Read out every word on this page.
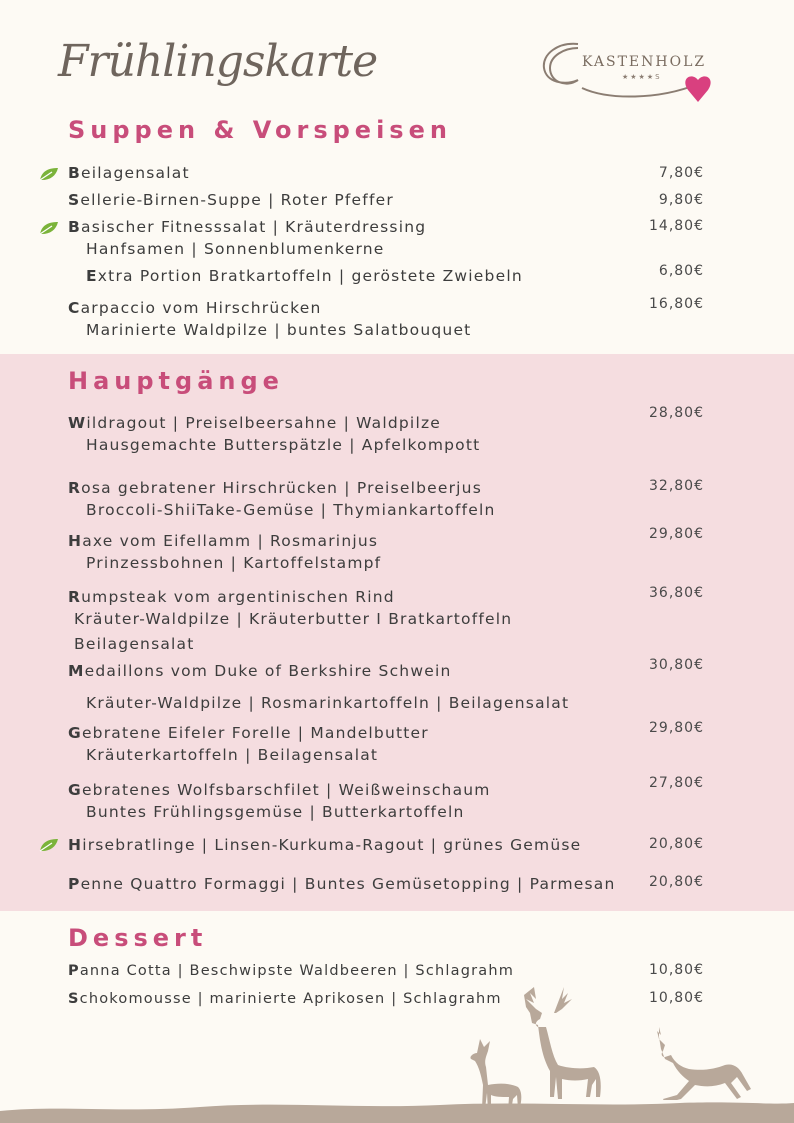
Frühlingskarte	KASTENHOLZ
★★★★S
Suppen & Vorspeisen
Beilagensalat	7,80€
Sellerie-Birnen-Suppe | Roter Pfeffer	9,80€
Basischer Fitnesssalat | Kräuterdressing
Hanfsamen | Sonnenblumenkerne
14,80€
Extra Portion Bratkartoffeln | geröstete Zwiebeln	6,80€
Carpaccio vom Hirschrücken
Marinierte Waldpilze | buntes Salatbouquet
16,80€
Hauptgänge
Wildragout | Preiselbeersahne | Waldpilze
Hausgemachte Butterspätzle | Apfelkompott
28,80€
Rosa gebratener Hirschrücken | Preiselbeerjus
Broccoli-ShiiTake-Gemüse | Thymiankartoffeln
32,80€
Haxe vom Eifellamm | Rosmarinjus
Prinzessbohnen | Kartoffelstampf
29,80€
Rumpsteak vom argentinischen Rind
Kräuter-Waldpilze | Kräuterbutter I Bratkartoffeln
Beilagensalat
36,80€
Medaillons vom Duke of Berkshire Schwein
Kräuter-Waldpilze | Rosmarinkartoffeln | Beilagensalat
30,80€
Gebratene Eifeler Forelle | Mandelbutter
Kräuterkartoffeln | Beilagensalat
29,80€
Gebratenes Wolfsbarschfilet | Weißweinschaum
Buntes Frühlingsgemüse | Butterkartoffeln
27,80€
Hirsebratlinge | Linsen-Kurkuma-Ragout | grünes Gemüse	20,80€
Penne Quattro Formaggi | Buntes Gemüsetopping | Parmesan	20,80€
Dessert
Panna Cotta | Beschwipste Waldbeeren | Schlagrahm	10,80€
Schokomousse | marinierte Aprikosen | Schlagrahm	10,80€
